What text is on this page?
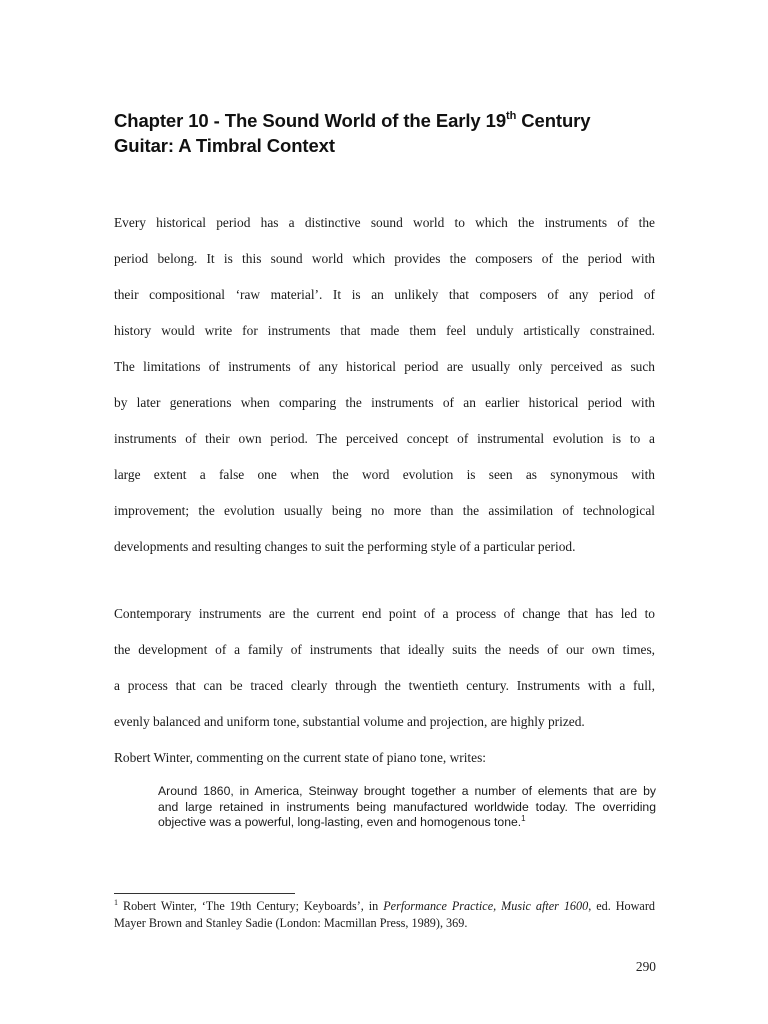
Chapter 10 - The Sound World of the Early 19th Century
Guitar: A Timbral Context
Every historical period has a distinctive sound world to which the instruments of the
period belong. It is this sound world which provides the composers of the period with
their compositional ‘raw material’. It is an unlikely that composers of any period of
history would write for instruments that made them feel unduly artistically constrained.
The limitations of instruments of any historical period are usually only perceived as such
by later generations when comparing the instruments of an earlier historical period with
instruments of their own period. The perceived concept of instrumental evolution is to a
large extent a false one when the word evolution is seen as synonymous with
improvement; the evolution usually being no more than the assimilation of technological
developments and resulting changes to suit the performing style of a particular period.
Contemporary instruments are the current end point of a process of change that has led to
the development of a family of instruments that ideally suits the needs of our own times,
a process that can be traced clearly through the twentieth century. Instruments with a full,
evenly balanced and uniform tone, substantial volume and projection, are highly prized.
Robert Winter, commenting on the current state of piano tone, writes:
Around 1860, in America, Steinway brought together a number of elements that are by
and large retained in instruments being manufactured worldwide today. The overriding
objective was a powerful, long-lasting, even and homogenous tone.$^1$
$^1$ Robert Winter, ‘The 19th Century; Keyboards’, in Performance Practice, Music after 1600, ed. Howard
Mayer Brown and Stanley Sadie (London: Macmillan Press, 1989), 369.
290
